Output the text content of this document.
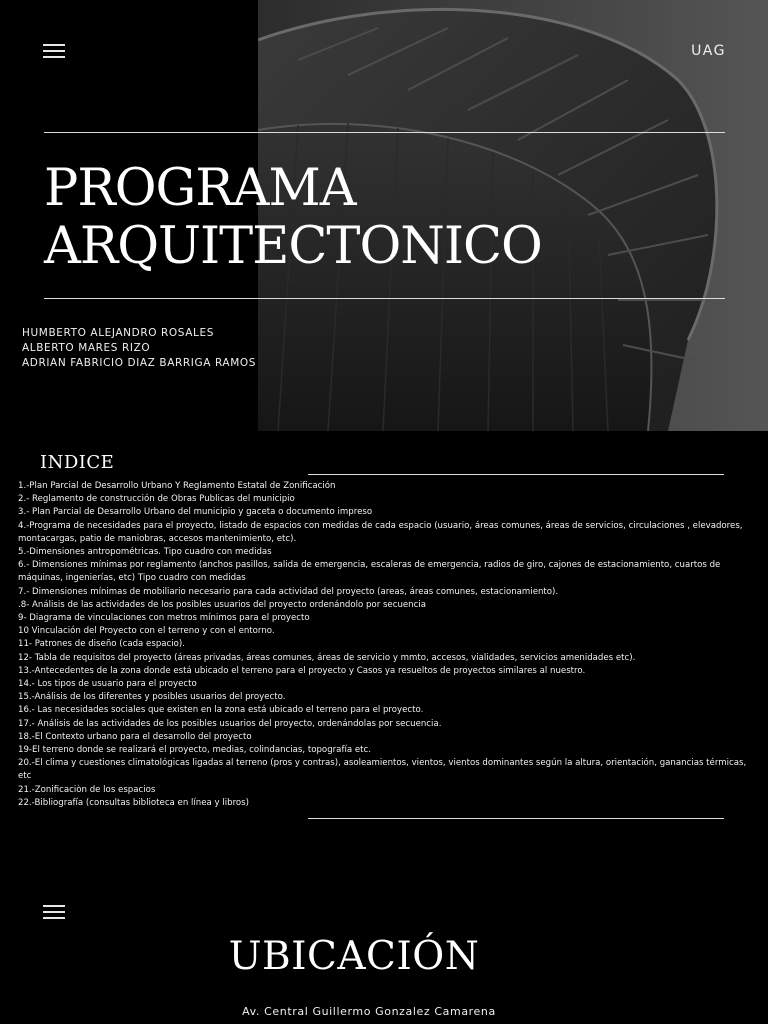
UAG
PROGRAMA
ARQUITECTONICO
HUMBERTO ALEJANDRO ROSALES
ALBERTO MARES RIZO
ADRIAN FABRICIO DIAZ BARRIGA RAMOS
INDICE
1.-Plan Parcial de Desarrollo Urbano Y Reglamento Estatal de Zonificación
2.- Reglamento de construcción de Obras Publicas del municipio
3.- Plan Parcial de Desarrollo Urbano del municipio y gaceta o documento impreso
4.-Programa de necesidades para el proyecto, listado de espacios con medidas de cada espacio (usuario, áreas comunes, áreas de servicios, circulaciones , elevadores, montacargas, patio de maniobras, accesos mantenimiento, etc).
5.-Dimensiones antropométricas. Tipo cuadro con medidas
6.- Dimensiones mínimas por reglamento (anchos pasillos, salida de emergencia, escaleras de emergencia, radios de giro, cajones de estacionamiento, cuartos de máquinas, ingenierías, etc) Tipo cuadro con medidas
7.- Dimensiones mínimas de mobiliario necesario para cada actividad del proyecto (areas, áreas comunes, estacionamiento).
.8- Análisis de las actividades de los posibles usuarios del proyecto ordenándolo por secuencia
9- Diagrama de vinculaciones con metros mínimos para el proyecto
10 Vinculación del Proyecto con el terreno y con el entorno.
11- Patrones de diseño (cada espacio).
12- Tabla de requisitos del proyecto (áreas privadas, áreas comunes, áreas de servicio y mmto, accesos, vialidades, servicios amenidades etc).
13.-Antecedentes de la zona donde está ubicado el terreno para el proyecto y Casos ya resueltos de proyectos similares al nuestro.
14.- Los tipos de usuario para el proyecto
15.-Análisis de los diferentes y posibles usuarios del proyecto.
16.- Las necesidades sociales que existen en la zona está ubicado el terreno para el proyecto.
17.- Análisis de las actividades de los posibles usuarios del proyecto, ordenándolas por secuencia.
18.-El Contexto urbano para el desarrollo del proyecto
19-El terreno donde se realizará el proyecto, medias, colindancias, topografía etc.
20.-El clima y cuestiones climatológicas ligadas al terreno (pros y contras), asoleamientos, vientos, vientos dominantes según la altura, orientación, ganancias térmicas, etc
21.-Zonificaciòn de los espacios
22.-Bibliografía (consultas biblioteca en línea y libros)
UBICACIÓN
Av. Central Guillermo Gonzalez Camarena
